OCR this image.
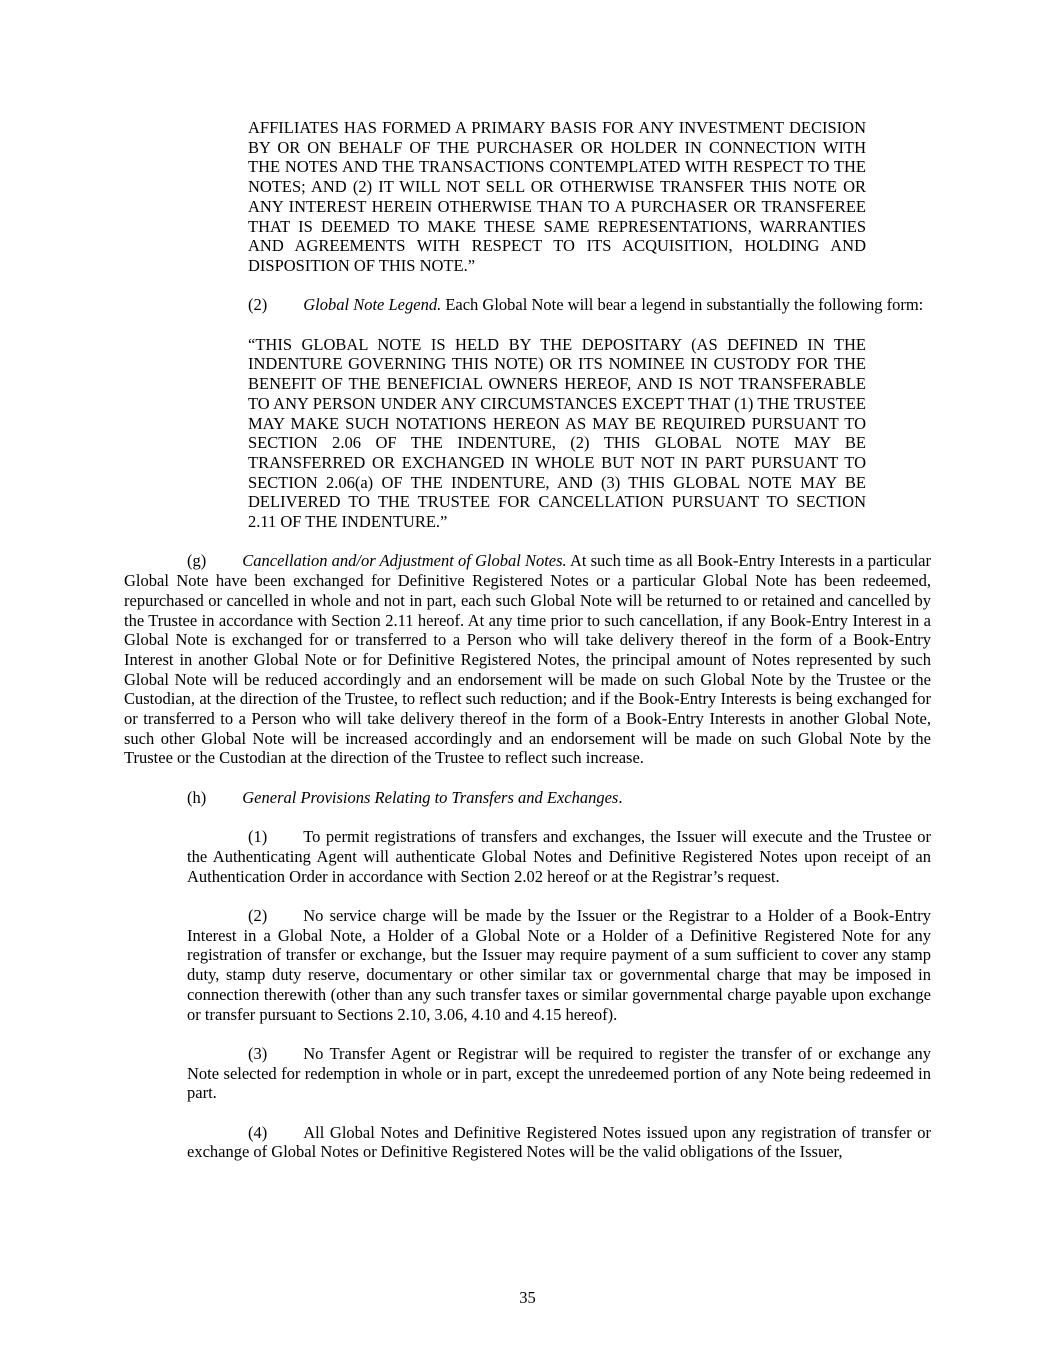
AFFILIATES HAS FORMED A PRIMARY BASIS FOR ANY INVESTMENT DECISION BY OR ON BEHALF OF THE PURCHASER OR HOLDER IN CONNECTION WITH THE NOTES AND THE TRANSACTIONS CONTEMPLATED WITH RESPECT TO THE NOTES; AND (2) IT WILL NOT SELL OR OTHERWISE TRANSFER THIS NOTE OR ANY INTEREST HEREIN OTHERWISE THAN TO A PURCHASER OR TRANSFEREE THAT IS DEEMED TO MAKE THESE SAME REPRESENTATIONS, WARRANTIES AND AGREEMENTS WITH RESPECT TO ITS ACQUISITION, HOLDING AND DISPOSITION OF THIS NOTE.”

(2) Global Note Legend. Each Global Note will bear a legend in substantially the following form:

“THIS GLOBAL NOTE IS HELD BY THE DEPOSITARY (AS DEFINED IN THE INDENTURE GOVERNING THIS NOTE) OR ITS NOMINEE IN CUSTODY FOR THE BENEFIT OF THE BENEFICIAL OWNERS HEREOF, AND IS NOT TRANSFERABLE TO ANY PERSON UNDER ANY CIRCUMSTANCES EXCEPT THAT (1) THE TRUSTEE MAY MAKE SUCH NOTATIONS HEREON AS MAY BE REQUIRED PURSUANT TO SECTION 2.06 OF THE INDENTURE, (2) THIS GLOBAL NOTE MAY BE TRANSFERRED OR EXCHANGED IN WHOLE BUT NOT IN PART PURSUANT TO SECTION 2.06(a) OF THE INDENTURE, AND (3) THIS GLOBAL NOTE MAY BE DELIVERED TO THE TRUSTEE FOR CANCELLATION PURSUANT TO SECTION 2.11 OF THE INDENTURE.”

(g) Cancellation and/or Adjustment of Global Notes. At such time as all Book-Entry Interests in a particular Global Note have been exchanged for Definitive Registered Notes or a particular Global Note has been redeemed, repurchased or cancelled in whole and not in part, each such Global Note will be returned to or retained and cancelled by the Trustee in accordance with Section 2.11 hereof. At any time prior to such cancellation, if any Book-Entry Interest in a Global Note is exchanged for or transferred to a Person who will take delivery thereof in the form of a Book-Entry Interest in another Global Note or for Definitive Registered Notes, the principal amount of Notes represented by such Global Note will be reduced accordingly and an endorsement will be made on such Global Note by the Trustee or the Custodian, at the direction of the Trustee, to reflect such reduction; and if the Book-Entry Interests is being exchanged for or transferred to a Person who will take delivery thereof in the form of a Book-Entry Interests in another Global Note, such other Global Note will be increased accordingly and an endorsement will be made on such Global Note by the Trustee or the Custodian at the direction of the Trustee to reflect such increase.

(h) General Provisions Relating to Transfers and Exchanges.

(1) To permit registrations of transfers and exchanges, the Issuer will execute and the Trustee or the Authenticating Agent will authenticate Global Notes and Definitive Registered Notes upon receipt of an Authentication Order in accordance with Section 2.02 hereof or at the Registrar’s request.

(2) No service charge will be made by the Issuer or the Registrar to a Holder of a Book-Entry Interest in a Global Note, a Holder of a Global Note or a Holder of a Definitive Registered Note for any registration of transfer or exchange, but the Issuer may require payment of a sum sufficient to cover any stamp duty, stamp duty reserve, documentary or other similar tax or governmental charge that may be imposed in connection therewith (other than any such transfer taxes or similar governmental charge payable upon exchange or transfer pursuant to Sections 2.10, 3.06, 4.10 and 4.15 hereof).

(3) No Transfer Agent or Registrar will be required to register the transfer of or exchange any Note selected for redemption in whole or in part, except the unredeemed portion of any Note being redeemed in part.

(4) All Global Notes and Definitive Registered Notes issued upon any registration of transfer or exchange of Global Notes or Definitive Registered Notes will be the valid obligations of the Issuer,

35
